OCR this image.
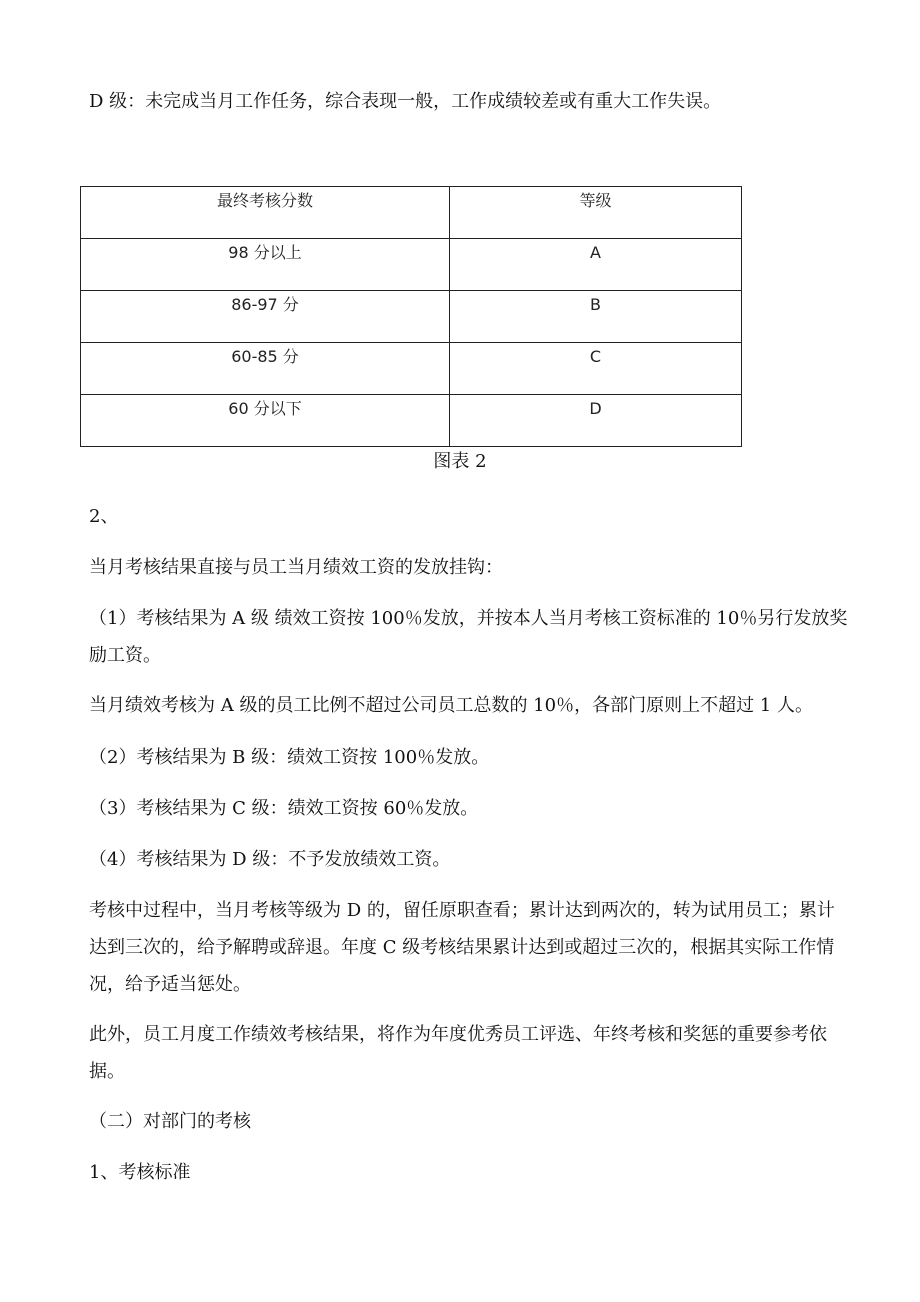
D 级：未完成当月工作任务，综合表现一般，工作成绩较差或有重大工作失误。

最终考核分数	等级

98 分以上	A

86-97 分	B

60-85 分	C

60 分以下	D
图表 2

2、

当月考核结果直接与员工当月绩效工资的发放挂钩：

（1）考核结果为 A 级 绩效工资按 100％发放，并按本人当月考核工资标准的 10％另行发放奖励工资。

当月绩效考核为 A 级的员工比例不超过公司员工总数的 10％，各部门原则上不超过 1 人。

（2）考核结果为 B 级：绩效工资按 100％发放。

（3）考核结果为 C 级：绩效工资按 60％发放。

（4）考核结果为 D 级：不予发放绩效工资。

考核中过程中，当月考核等级为 D 的，留任原职查看；累计达到两次的，转为试用员工；累计达到三次的，给予解聘或辞退。年度 C 级考核结果累计达到或超过三次的，根据其实际工作情况，给予适当惩处。

此外，员工月度工作绩效考核结果，将作为年度优秀员工评选、年终考核和奖惩的重要参考依据。

（二）对部门的考核

1、考核标准
